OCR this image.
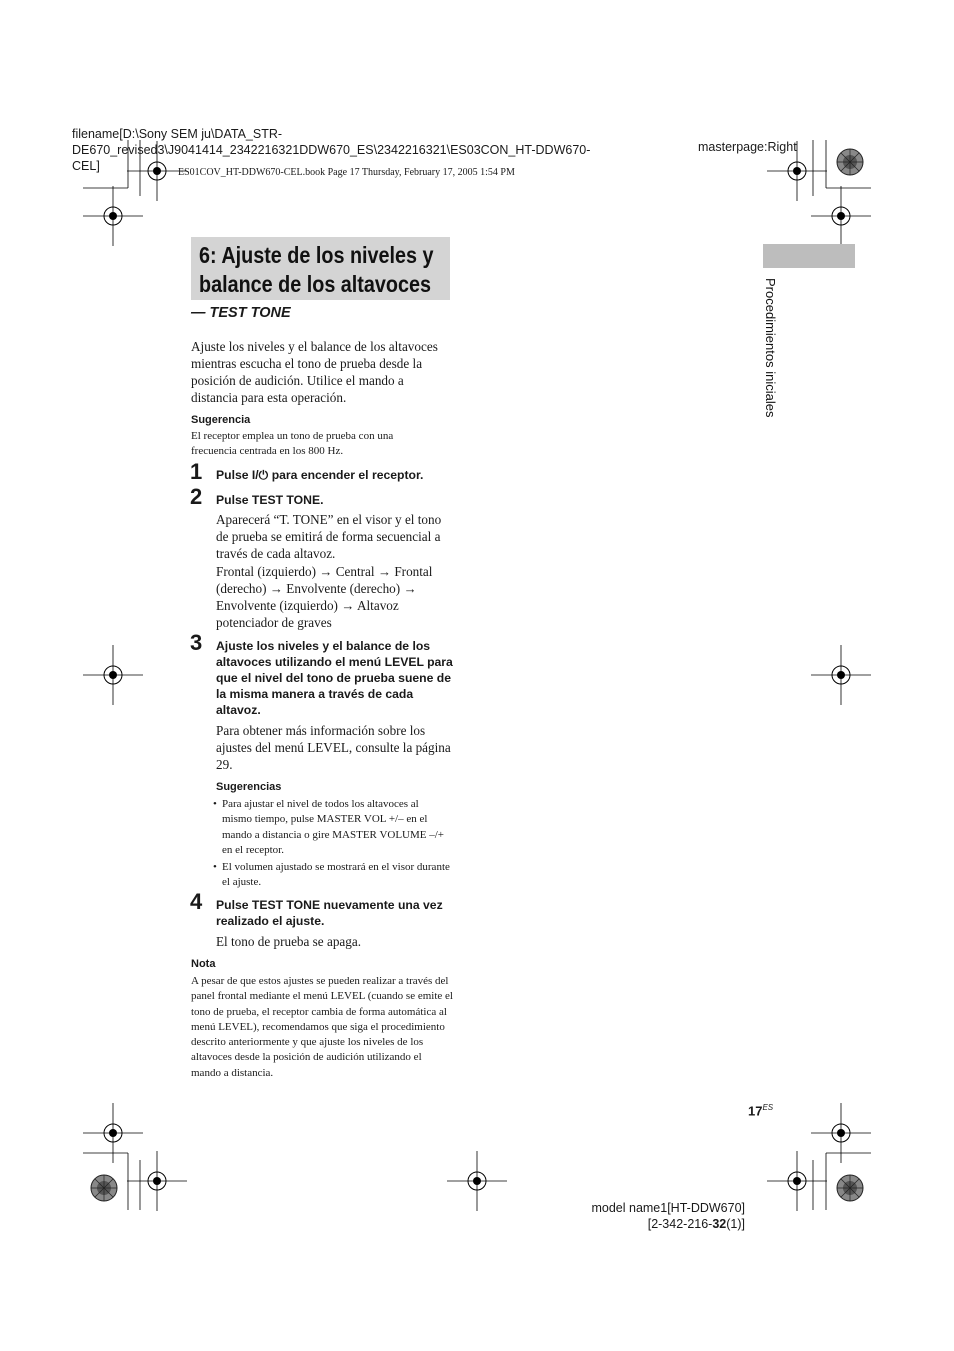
filename[D:\Sony SEM ju\DATA_STR-DE670_revised3\J9041414_2342216321DDW670_ES\2342216321\ES03CON_HT-DDW670-CEL]
masterpage:Right
ES01COV_HT-DDW670-CEL.book Page 17 Thursday, February 17, 2005 1:54 PM
6: Ajuste de los niveles y
balance de los altavoces
— TEST TONE
Ajuste los niveles y el balance de los altavoces mientras escucha el tono de prueba desde la posición de audición. Utilice el mando a distancia para esta operación.
Sugerencia
El receptor emplea un tono de prueba con una frecuencia centrada en los 800 Hz.
1 Pulse I/⏻ para encender el receptor.
2 Pulse TEST TONE.
Aparecerá “T. TONE” en el visor y el tono de prueba se emitirá de forma secuencial a través de cada altavoz.
Frontal (izquierdo) → Central → Frontal (derecho) → Envolvente (derecho) → Envolvente (izquierdo) → Altavoz potenciador de graves
3 Ajuste los niveles y el balance de los altavoces utilizando el menú LEVEL para que el nivel del tono de prueba suene de la misma manera a través de cada altavoz.
Para obtener más información sobre los ajustes del menú LEVEL, consulte la página 29.
Sugerencias
• Para ajustar el nivel de todos los altavoces al mismo tiempo, pulse MASTER VOL +/– en el mando a distancia o gire MASTER VOLUME –/+ en el receptor.
• El volumen ajustado se mostrará en el visor durante el ajuste.
4 Pulse TEST TONE nuevamente una vez realizado el ajuste.
El tono de prueba se apaga.
Nota
A pesar de que estos ajustes se pueden realizar a través del panel frontal mediante el menú LEVEL (cuando se emite el tono de prueba, el receptor cambia de forma automática al menú LEVEL), recomendamos que siga el procedimiento descrito anteriormente y que ajuste los niveles de los altavoces desde la posición de audición utilizando el mando a distancia.
Procedimientos iniciales
$17^{ES}$
model name1[HT-DDW670]
[2-342-216-32(1)]
